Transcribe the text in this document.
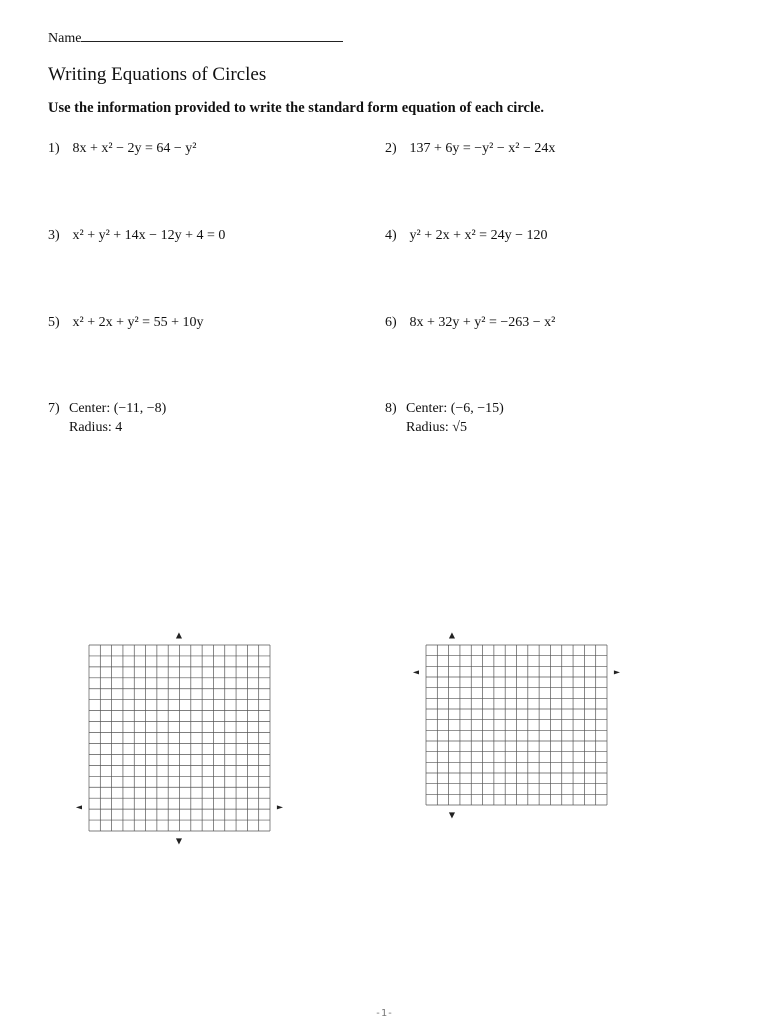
Name
Writing Equations of Circles
Use the information provided to write the standard form equation of each circle.
1) 8x + x² − 2y = 64 − y²	2) 137 + 6y = −y² − x² − 24x
3) x² + y² + 14x − 12y + 4 = 0	4) y² + 2x + x² = 24y − 120
5) x² + 2x + y² = 55 + 10y	6) 8x + 32y + y² = −263 − x²
7) Center: (−11, −8)
Radius: 4
8) Center: (−6, −15)
Radius: √5
▲
▼
◄	►
▲
▼
◄	►
-1-
